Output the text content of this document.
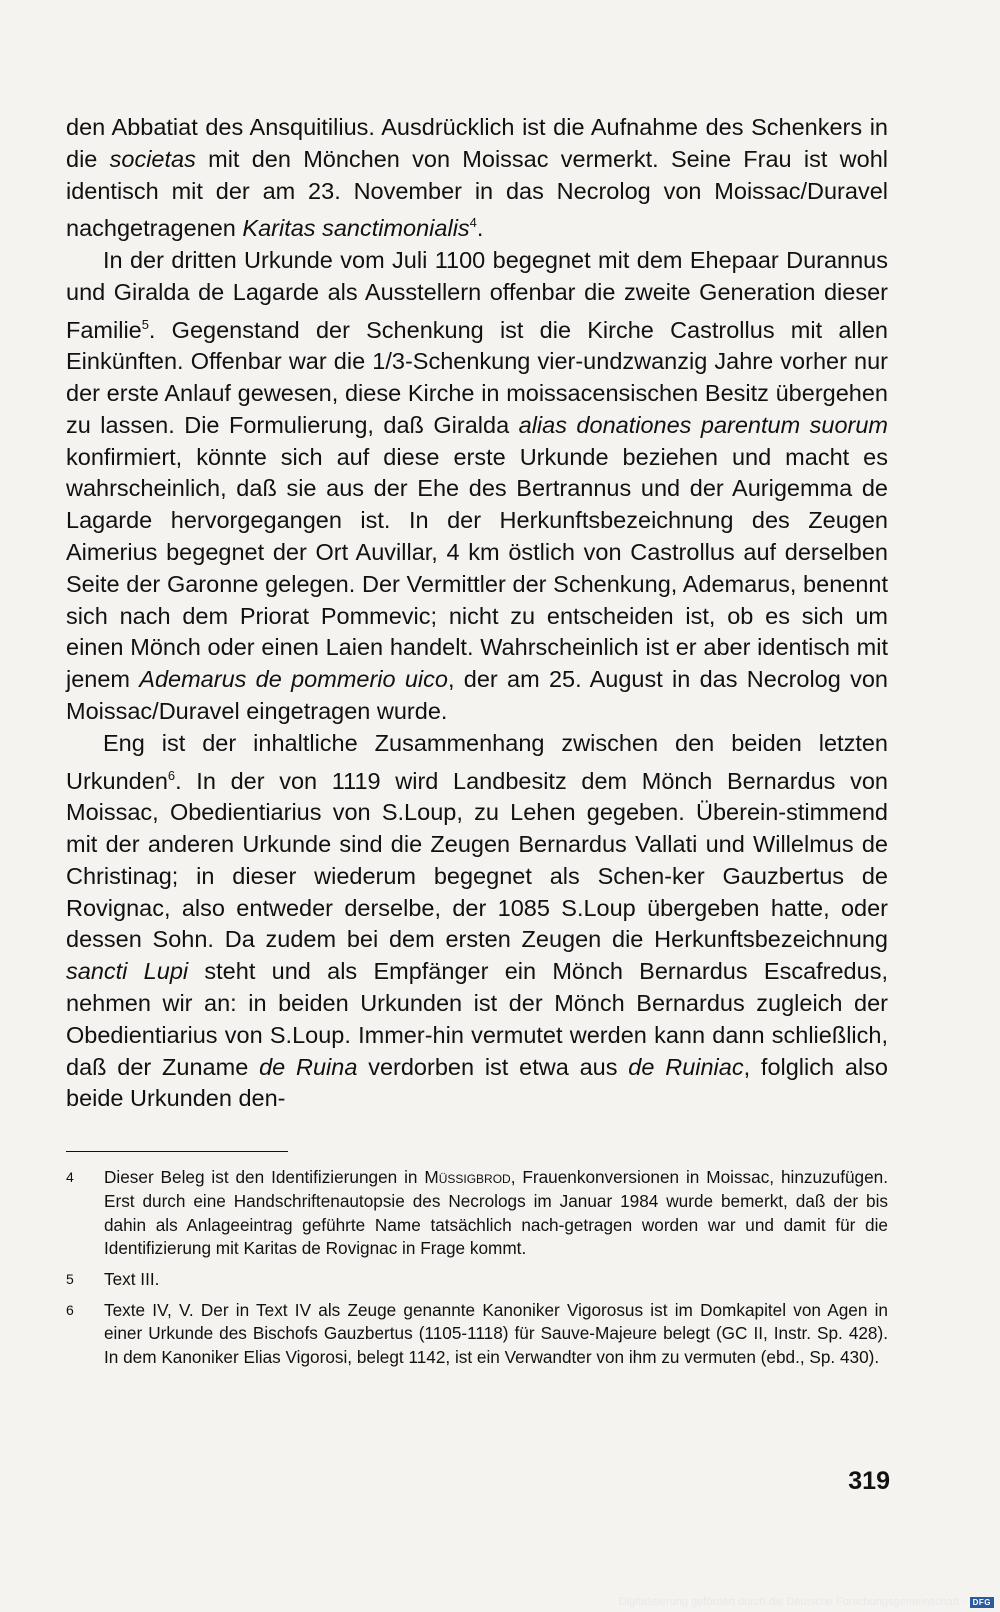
den Abbatiat des Ansquitilius. Ausdrücklich ist die Aufnahme des Schenkers in die societas mit den Mönchen von Moissac vermerkt. Seine Frau ist wohl identisch mit der am 23. November in das Necrolog von Moissac/Duravel nachgetragenen Karitas sanctimonialis$^4$.

In der dritten Urkunde vom Juli 1100 begegnet mit dem Ehepaar Durannus und Giralda de Lagarde als Ausstellern offenbar die zweite Generation dieser Familie$^5$. Gegenstand der Schenkung ist die Kirche Castrollus mit allen Einkünften. Offenbar war die 1/3-Schenkung vier-undzwanzig Jahre vorher nur der erste Anlauf gewesen, diese Kirche in moissacensischen Besitz übergehen zu lassen. Die Formulierung, daß Giralda alias donationes parentum suorum konfirmiert, könnte sich auf diese erste Urkunde beziehen und macht es wahrscheinlich, daß sie aus der Ehe des Bertrannus und der Aurigemma de Lagarde hervorgegangen ist. In der Herkunftsbezeichnung des Zeugen Aimerius begegnet der Ort Auvillar, 4 km östlich von Castrollus auf derselben Seite der Garonne gelegen. Der Vermittler der Schenkung, Ademarus, benennt sich nach dem Priorat Pommevic; nicht zu entscheiden ist, ob es sich um einen Mönch oder einen Laien handelt. Wahrscheinlich ist er aber identisch mit jenem Ademarus de pommerio uico, der am 25. August in das Necrolog von Moissac/Duravel eingetragen wurde.

Eng ist der inhaltliche Zusammenhang zwischen den beiden letzten Urkunden$^6$. In der von 1119 wird Landbesitz dem Mönch Bernardus von Moissac, Obedientiarius von S.Loup, zu Lehen gegeben. Überein-stimmend mit der anderen Urkunde sind die Zeugen Bernardus Vallati und Willelmus de Christinag; in dieser wiederum begegnet als Schen-ker Gauzbertus de Rovignac, also entweder derselbe, der 1085 S.Loup übergeben hatte, oder dessen Sohn. Da zudem bei dem ersten Zeugen die Herkunftsbezeichnung sancti Lupi steht und als Empfänger ein Mönch Bernardus Escafredus, nehmen wir an: in beiden Urkunden ist der Mönch Bernardus zugleich der Obedientiarius von S.Loup. Immer-hin vermutet werden kann dann schließlich, daß der Zuname de Ruina verdorben ist etwa aus de Ruiniac, folglich also beide Urkunden den-

4	Dieser Beleg ist den Identifizierungen in Müssigbrod, Frauenkonversionen in Moissac, hinzuzufügen. Erst durch eine Handschriftenautopsie des Necrologs im Januar 1984 wurde bemerkt, daß der bis dahin als Anlageeintrag geführte Name tatsächlich nach-getragen worden war und damit für die Identifizierung mit Karitas de Rovignac in Frage kommt.
5	Text III.
6	Texte IV, V. Der in Text IV als Zeuge genannte Kanoniker Vigorosus ist im Domkapitel von Agen in einer Urkunde des Bischofs Gauzbertus (1105-1118) für Sauve-Majeure belegt (GC II, Instr. Sp. 428). In dem Kanoniker Elias Vigorosi, belegt 1142, ist ein Verwandter von ihm zu vermuten (ebd., Sp. 430).
319
Digitalisierung gefördert durch die Deutsche Forschungsgemeinschaft - DFG
